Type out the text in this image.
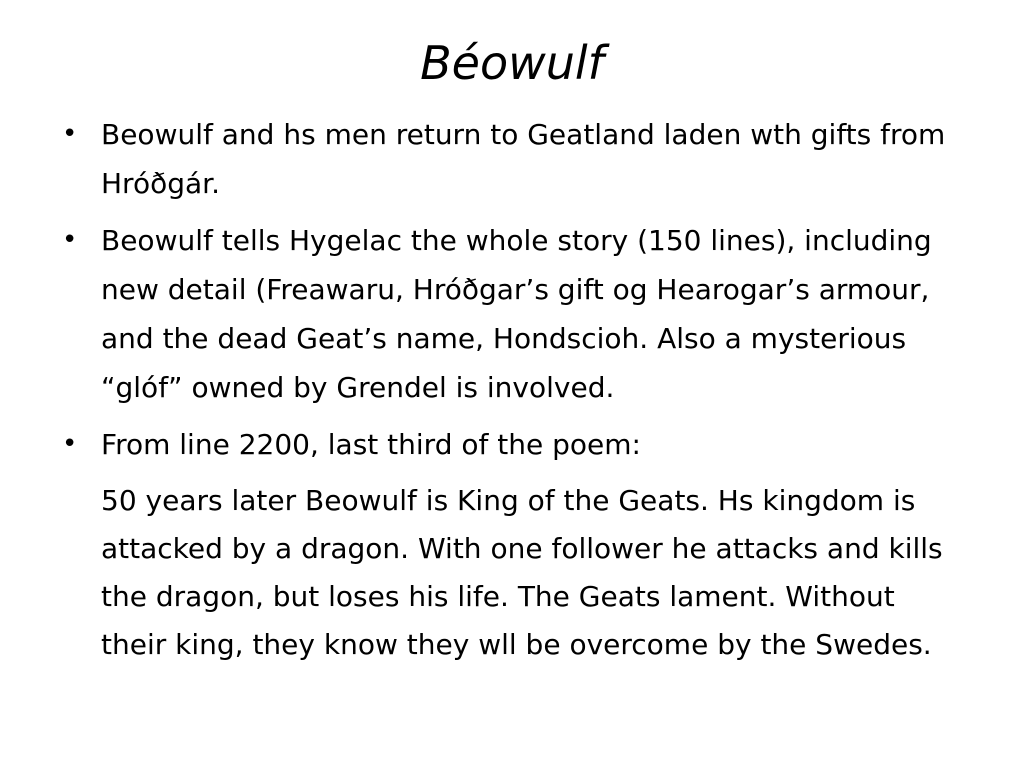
Béowulf
• Beowulf and hs men return to Geatland laden wth gifts from Hróðgár.
• Beowulf tells Hygelac the whole story (150 lines), including new detail (Freawaru, Hróðgar’s gift og Hearogar’s armour, and the dead Geat’s name, Hondscioh. Also a mysterious “glóf” owned by Grendel is involved.
• From line 2200, last third of the poem:
50 years later Beowulf is King of the Geats. Hs kingdom is attacked by a dragon. With one follower he attacks and kills the dragon, but loses his life. The Geats lament. Without their king, they know they wll be overcome by the Swedes.
